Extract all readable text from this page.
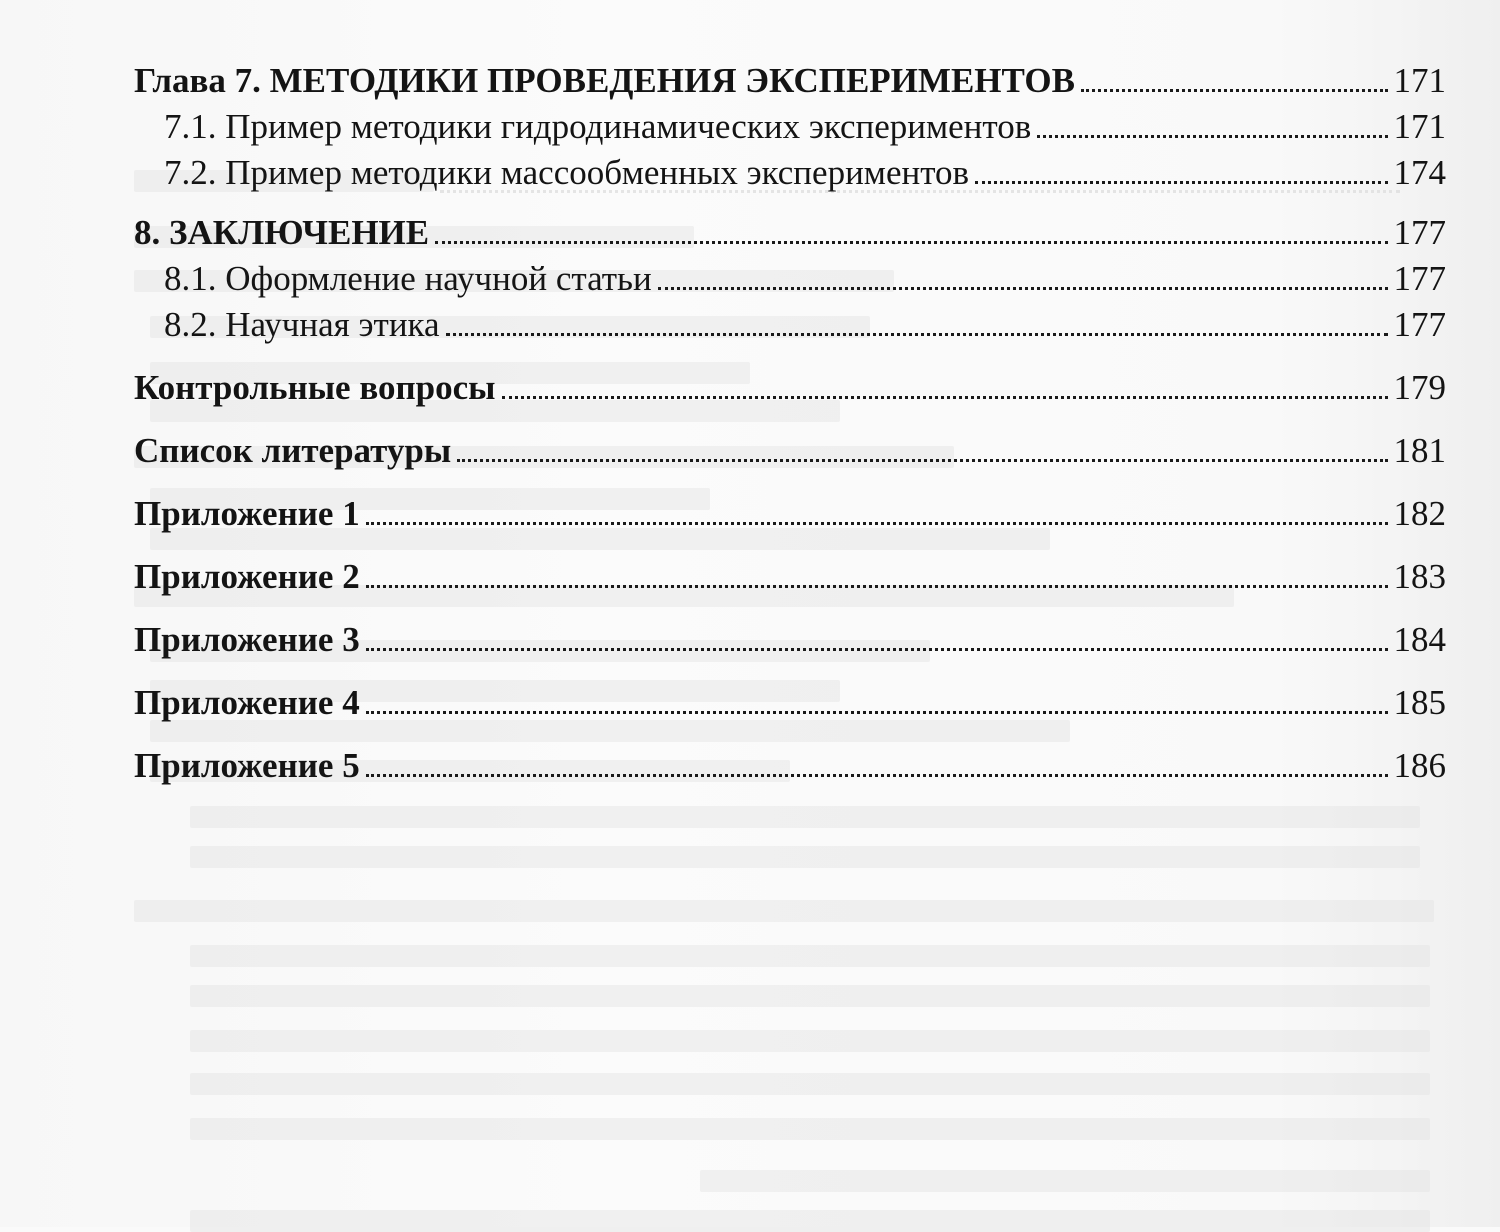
Глава 7. МЕТОДИКИ ПРОВЕДЕНИЯ ЭКСПЕРИМЕНТОВ	171
7.1. Пример методики гидродинамических экспериментов	171
7.2. Пример методики массообменных экспериментов	174
8. ЗАКЛЮЧЕНИЕ	177
8.1. Оформление научной статьи	177
8.2. Научная этика	177
Контрольные вопросы	179
Список литературы	181
Приложение 1	182
Приложение 2	183
Приложение 3	184
Приложение 4	185
Приложение 5	186
